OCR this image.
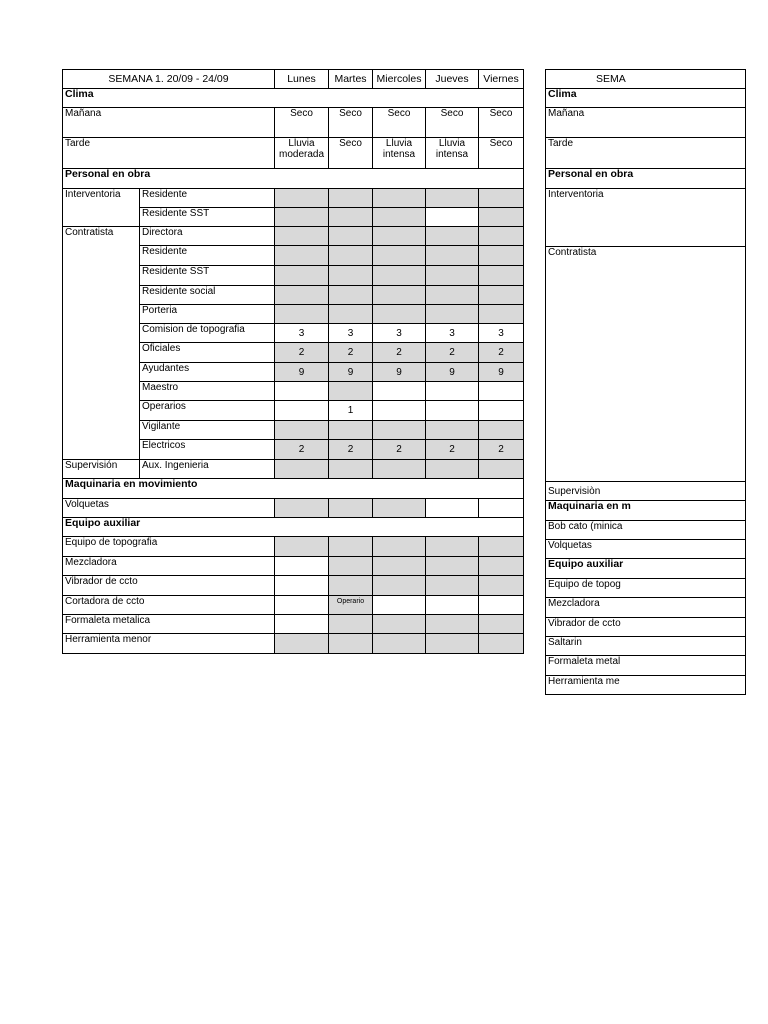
SEMANA 1. 20/09 - 24/09		Lunes	Martes	Miercoles	Jueves	Viernes
Clima						
Mañana		Seco	Seco	Seco	Seco	Seco
Tarde		Lluvia moderada	Seco	Lluvia intensa	Lluvia intensa	Seco
Personal en obra						
Interventoria	Residente					
	Residente SST					
Contratista	Directora					
	Residente					
	Residente SST					
	Residente social					
	Porteria					
	Comision de topografia	3	3	3	3	3
	Oficiales	2	2	2	2	2
	Ayudantes	9	9	9	9	9
	Maestro					
	Operarios		1			
	Vigilante					
	Electricos	2	2	2	2	2
Supervisión	Aux. Ingenieria					
Maquinaria en movimiento						
Volquetas						
Equipo auxiliar						
Equipo de topografia						
Mezcladora						
Vibrador de ccto						
Cortadora de ccto			Operario			
Formaleta metalica						
Herramienta menor						
SEMA
Clima
Mañana
Tarde
Personal en obra
Interventoria
Contratista
Supervisiòn
Maquinaria en m
Bob cato (minica
Volquetas
Equipo auxiliar
Equipo de topog
Mezcladora
Vibrador de ccto
Saltarin
Formaleta metal
Herramienta me
